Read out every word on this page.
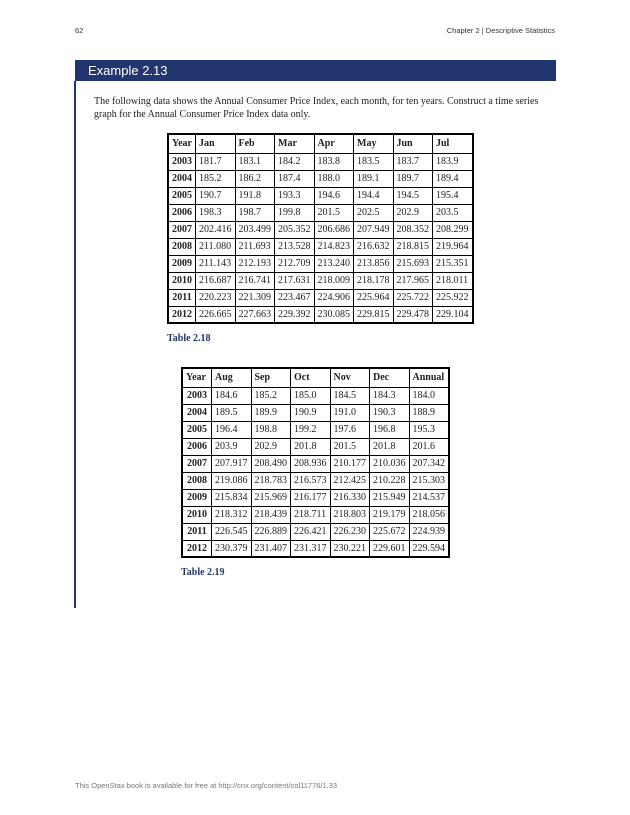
62	Chapter 2 | Descriptive Statistics
Example 2.13

The following data shows the Annual Consumer Price Index, each month, for ten years. Construct a time series graph for the Annual Consumer Price Index data only.

Year	Jan	Feb	Mar	Apr	May	Jun	Jul
2003	181.7	183.1	184.2	183.8	183.5	183.7	183.9
2004	185.2	186.2	187.4	188.0	189.1	189.7	189.4
2005	190.7	191.8	193.3	194.6	194.4	194.5	195.4
2006	198.3	198.7	199.8	201.5	202.5	202.9	203.5
2007	202.416	203.499	205.352	206.686	207.949	208.352	208.299
2008	211.080	211.693	213.528	214.823	216.632	218.815	219.964
2009	211.143	212.193	212.709	213.240	213.856	215.693	215.351
2010	216.687	216.741	217.631	218.009	218.178	217.965	218.011
2011	220.223	221.309	223.467	224.906	225.964	225.722	225.922
2012	226.665	227.663	229.392	230.085	229.815	229.478	229.104
Table 2.18
Year	Aug	Sep	Oct	Nov	Dec	Annual
2003	184.6	185.2	185.0	184.5	184.3	184.0
2004	189.5	189.9	190.9	191.0	190.3	188.9
2005	196.4	198.8	199.2	197.6	196.8	195.3
2006	203.9	202.9	201.8	201.5	201.8	201.6
2007	207.917	208.490	208.936	210.177	210.036	207.342
2008	219.086	218.783	216.573	212.425	210.228	215.303
2009	215.834	215.969	216.177	216.330	215.949	214.537
2010	218.312	218.439	218.711	218.803	219.179	218.056
2011	226.545	226.889	226.421	226.230	225.672	224.939
2012	230.379	231.407	231.317	230.221	229.601	229.594
Table 2.19
This OpenStax book is available for free at http://cnx.org/content/col11776/1.33
